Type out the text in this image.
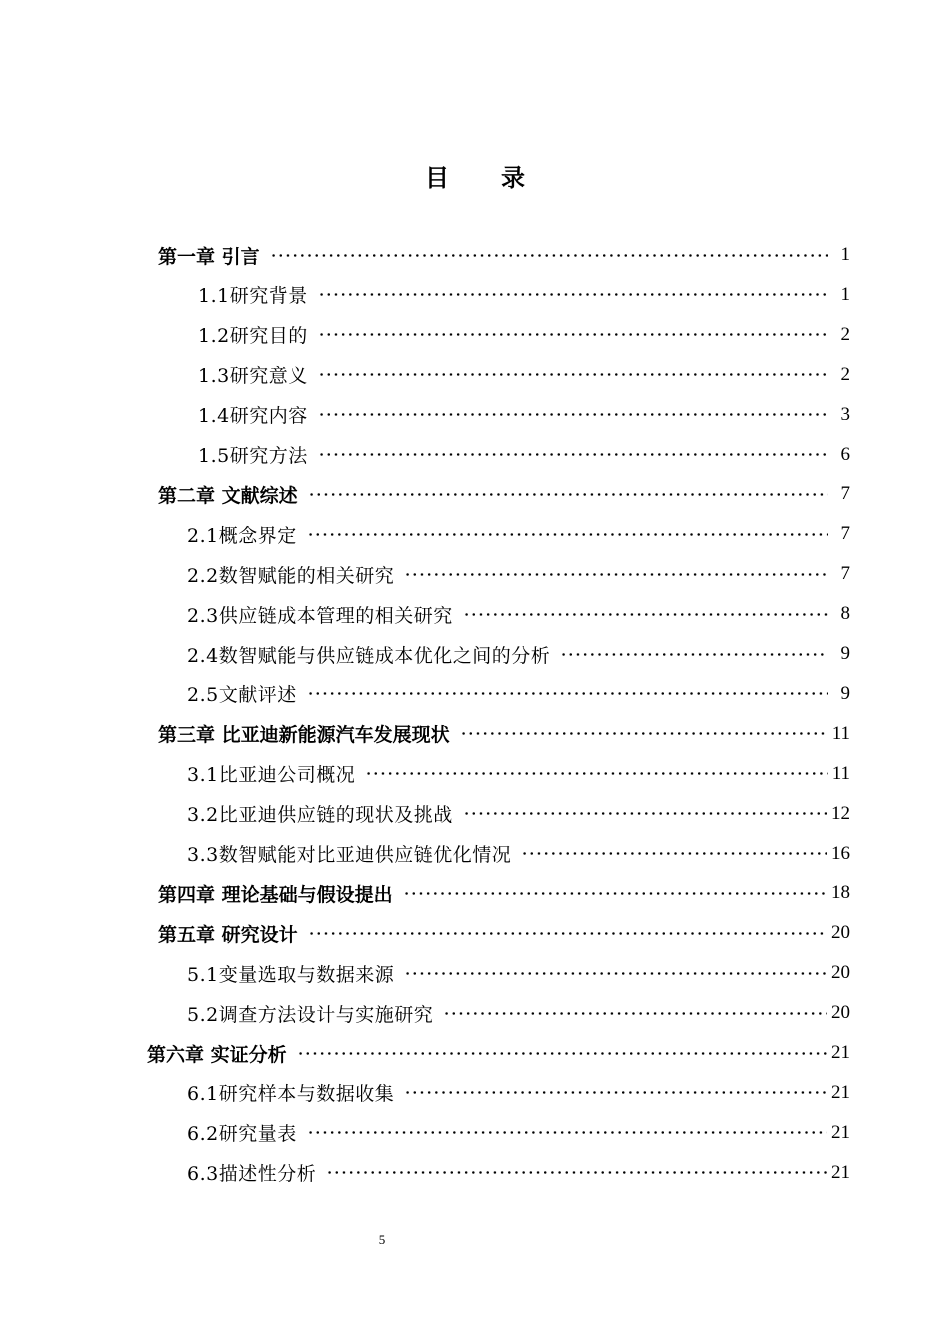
目 录
第一章 引言	1
1.1研究背景	1
1.2研究目的	2
1.3研究意义	2
1.4研究内容	3
1.5研究方法	6
第二章 文献综述	7
2.1概念界定	7
2.2数智赋能的相关研究	7
2.3供应链成本管理的相关研究	8
2.4数智赋能与供应链成本优化之间的分析	9
2.5文献评述	9
第三章 比亚迪新能源汽车发展现状	11
3.1比亚迪公司概况	11
3.2比亚迪供应链的现状及挑战	12
3.3数智赋能对比亚迪供应链优化情况	16
第四章 理论基础与假设提出	18
第五章 研究设计	20
5.1变量选取与数据来源	20
5.2调查方法设计与实施研究	20
第六章 实证分析	21
6.1研究样本与数据收集	21
6.2研究量表	21
6.3描述性分析	21
5
